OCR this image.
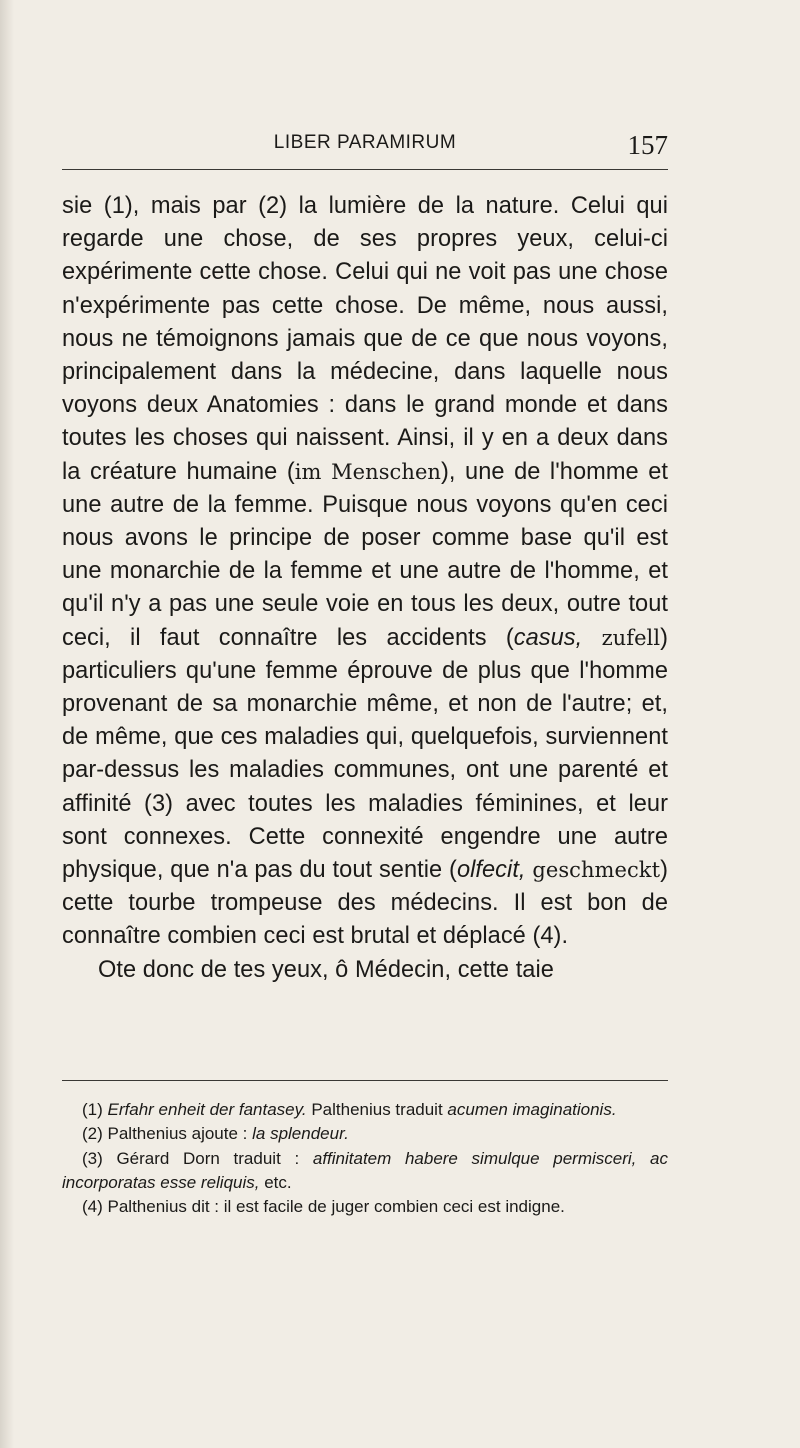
LIBER PARAMIRUM	157

sie (1), mais par (2) la lumière de la nature. Celui qui regarde une chose, de ses propres yeux, celui-ci expérimente cette chose. Celui qui ne voit pas une chose n'expérimente pas cette chose. De même, nous aussi, nous ne témoignons jamais que de ce que nous voyons, principalement dans la médecine, dans laquelle nous voyons deux Anatomies : dans le grand monde et dans toutes les choses qui naissent. Ainsi, il y en a deux dans la créature humaine (im Menschen), une de l'homme et une autre de la femme. Puisque nous voyons qu'en ceci nous avons le principe de poser comme base qu'il est une monarchie de la femme et une autre de l'homme, et qu'il n'y a pas une seule voie en tous les deux, outre tout ceci, il faut connaître les accidents (casus, zufell) particuliers qu'une femme éprouve de plus que l'homme provenant de sa monarchie même, et non de l'autre; et, de même, que ces maladies qui, quelquefois, surviennent par-dessus les maladies communes, ont une parenté et affinité (3) avec toutes les maladies féminines, et leur sont connexes. Cette connexité engendre une autre physique, que n'a pas du tout sentie (olfecit, geschmeckt) cette tourbe trompeuse des médecins. Il est bon de connaître combien ceci est brutal et déplacé (4).

Ote donc de tes yeux, ô Médecin, cette taie

(1) Erfahr enheit der fantasey. Palthenius traduit acumen imaginationis.

(2) Palthenius ajoute : la splendeur.

(3) Gérard Dorn traduit : affinitatem habere simulque permisceri, ac incorporatas esse reliquis, etc.

(4) Palthenius dit : il est facile de juger combien ceci est indigne.
